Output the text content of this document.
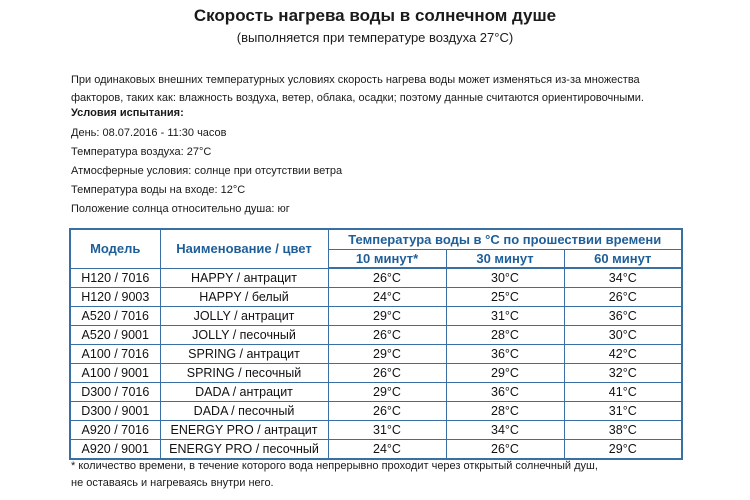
Скорость нагрева воды в солнечном душе
(выполняется при температуре воздуха 27°С)
При одинаковых внешних температурных условиях скорость нагрева воды может изменяться из-за множества
факторов, таких как: влажность воздуха, ветер, облака, осадки; поэтому данные считаются ориентировочными.
Условия испытания:
День: 08.07.2016 - 11:30 часов
Температура воздуха: 27°С
Атмосферные условия: солнце при отсутствии ветра
Температура воды на входе: 12°С
Положение солнца относительно душа: юг
Модель	Наименование / цвет	Температура воды в °С по прошествии времени		
		10 минут*	30 минут	60 минут
H120 / 7016	HAPPY / антрацит	26°C	30°C	34°C
H120 / 9003	HAPPY / белый	24°C	25°C	26°C
A520 / 7016	JOLLY / антрацит	29°C	31°C	36°C
A520 / 9001	JOLLY / песочный	26°C	28°C	30°C
A100 / 7016	SPRING / антрацит	29°C	36°C	42°C
A100 / 9001	SPRING / песочный	26°C	29°C	32°C
D300 / 7016	DADA / антрацит	29°C	36°C	41°C
D300 / 9001	DADA / песочный	26°C	28°C	31°C
A920 / 7016	ENERGY PRO / антрацит	31°C	34°C	38°C
A920 / 9001	ENERGY PRO / песочный	24°C	26°C	29°C
* количество времени, в течение которого вода непрерывно проходит через открытый солнечный душ,
не оставаясь и нагреваясь внутри него.
